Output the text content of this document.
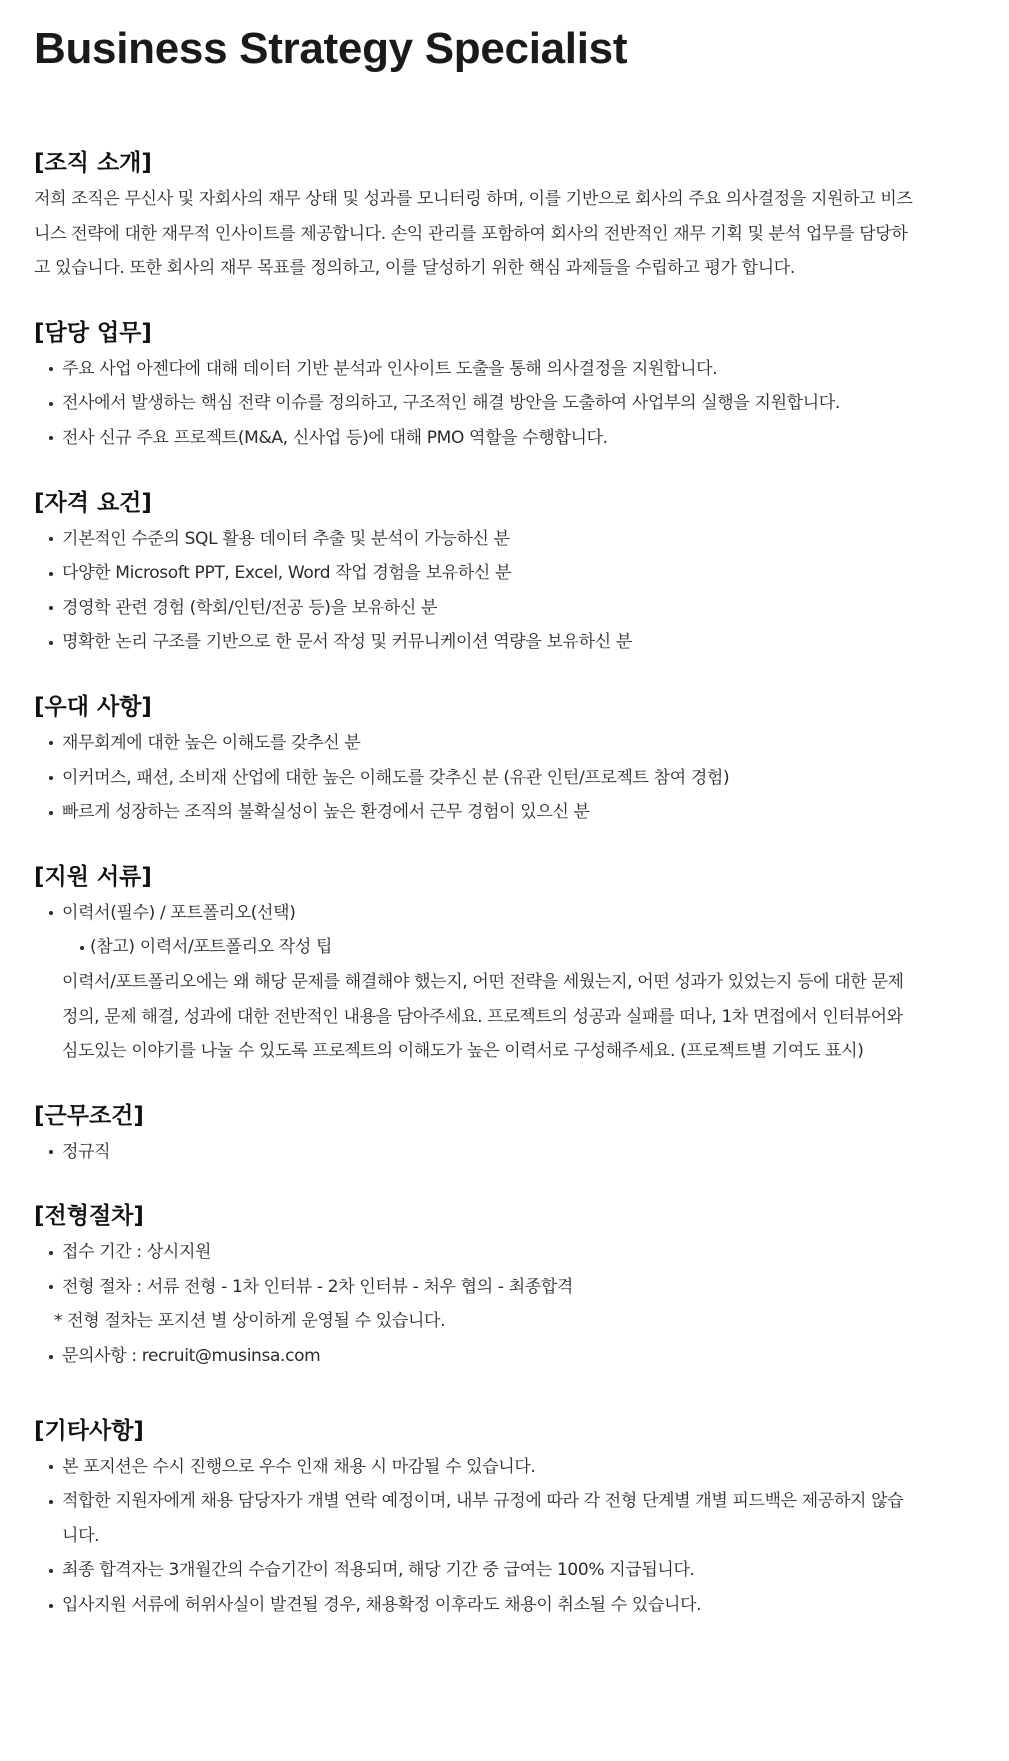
Business Strategy Specialist
[조직 소개]

저희 조직은 무신사 및 자회사의 재무 상태 및 성과를 모니터링 하며, 이를 기반으로 회사의 주요 의사결정을 지원하고 비즈

니스 전략에 대한 재무적 인사이트를 제공합니다. 손익 관리를 포함하여 회사의 전반적인 재무 기획 및 분석 업무를 담당하

고 있습니다. 또한 회사의 재무 목표를 정의하고, 이를 달성하기 위한 핵심 과제들을 수립하고 평가 합니다.

[담당 업무]
주요 사업 아젠다에 대해 데이터 기반 분석과 인사이트 도출을 통해 의사결정을 지원합니다.
전사에서 발생하는 핵심 전략 이슈를 정의하고, 구조적인 해결 방안을 도출하여 사업부의 실행을 지원합니다.
전사 신규 주요 프로젝트(M&A, 신사업 등)에 대해 PMO 역할을 수행합니다.
[자격 요건]
기본적인 수준의 SQL 활용 데이터 추출 및 분석이 가능하신 분
다양한 Microsoft PPT, Excel, Word 작업 경험을 보유하신 분
경영학 관련 경험 (학회/인턴/전공 등)을 보유하신 분
명확한 논리 구조를 기반으로 한 문서 작성 및 커뮤니케이션 역량을 보유하신 분
[우대 사항]
재무회계에 대한 높은 이해도를 갖추신 분
이커머스, 패션, 소비재 산업에 대한 높은 이해도를 갖추신 분 (유관 인턴/프로젝트 참여 경험)
빠르게 성장하는 조직의 불확실성이 높은 환경에서 근무 경험이 있으신 분
[지원 서류]
이력서(필수) / 포트폴리오(선택)
(참고) 이력서/포트폴리오 작성 팁

이력서/포트폴리오에는 왜 해당 문제를 해결해야 했는지, 어떤 전략을 세웠는지, 어떤 성과가 있었는지 등에 대한 문제

정의, 문제 해결, 성과에 대한 전반적인 내용을 담아주세요. 프로젝트의 성공과 실패를 떠나, 1차 면접에서 인터뷰어와

심도있는 이야기를 나눌 수 있도록 프로젝트의 이해도가 높은 이력서로 구성해주세요. (프로젝트별 기여도 표시)

[근무조건]
정규직
[전형절차]
접수 기간 : 상시지원
전형 절차 : 서류 전형 - 1차 인터뷰 - 2차 인터뷰 - 처우 협의 - 최종합격

* 전형 절차는 포지션 별 상이하게 운영될 수 있습니다.

문의사항 : recruit@musinsa.com
[기타사항]
본 포지션은 수시 진행으로 우수 인재 채용 시 마감될 수 있습니다.
적합한 지원자에게 채용 담당자가 개별 연락 예정이며, 내부 규정에 따라 각 전형 단계별 개별 피드백은 제공하지 않습

니다.

최종 합격자는 3개월간의 수습기간이 적용되며, 해당 기간 중 급여는 100% 지급됩니다.
입사지원 서류에 허위사실이 발견될 경우, 채용확정 이후라도 채용이 취소될 수 있습니다.
